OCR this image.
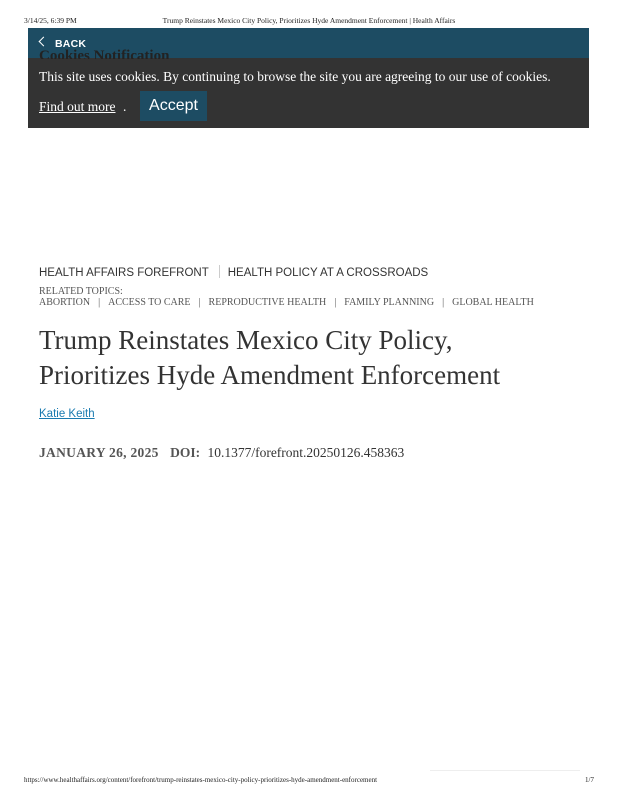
3/14/25, 6:39 PM	Trump Reinstates Mexico City Policy, Prioritizes Hyde Amendment Enforcement | Health Affairs
BACK
Cookies Notification
This site uses cookies. By continuing to browse the site you are agreeing to our use of cookies.
Find out more .	Accept
HEALTH AFFAIRS FOREFRONT HEALTH POLICY AT A CROSSROADS
RELATED TOPICS:
ABORTION | ACCESS TO CARE | REPRODUCTIVE HEALTH | FAMILY PLANNING | GLOBAL HEALTH
Trump Reinstates Mexico City Policy,
Prioritizes Hyde Amendment Enforcement
Katie Keith
JANUARY 26, 2025 DOI: 10.1377/forefront.20250126.458363
https://www.healthaffairs.org/content/forefront/trump-reinstates-mexico-city-policy-prioritizes-hyde-amendment-enforcement	1/7
